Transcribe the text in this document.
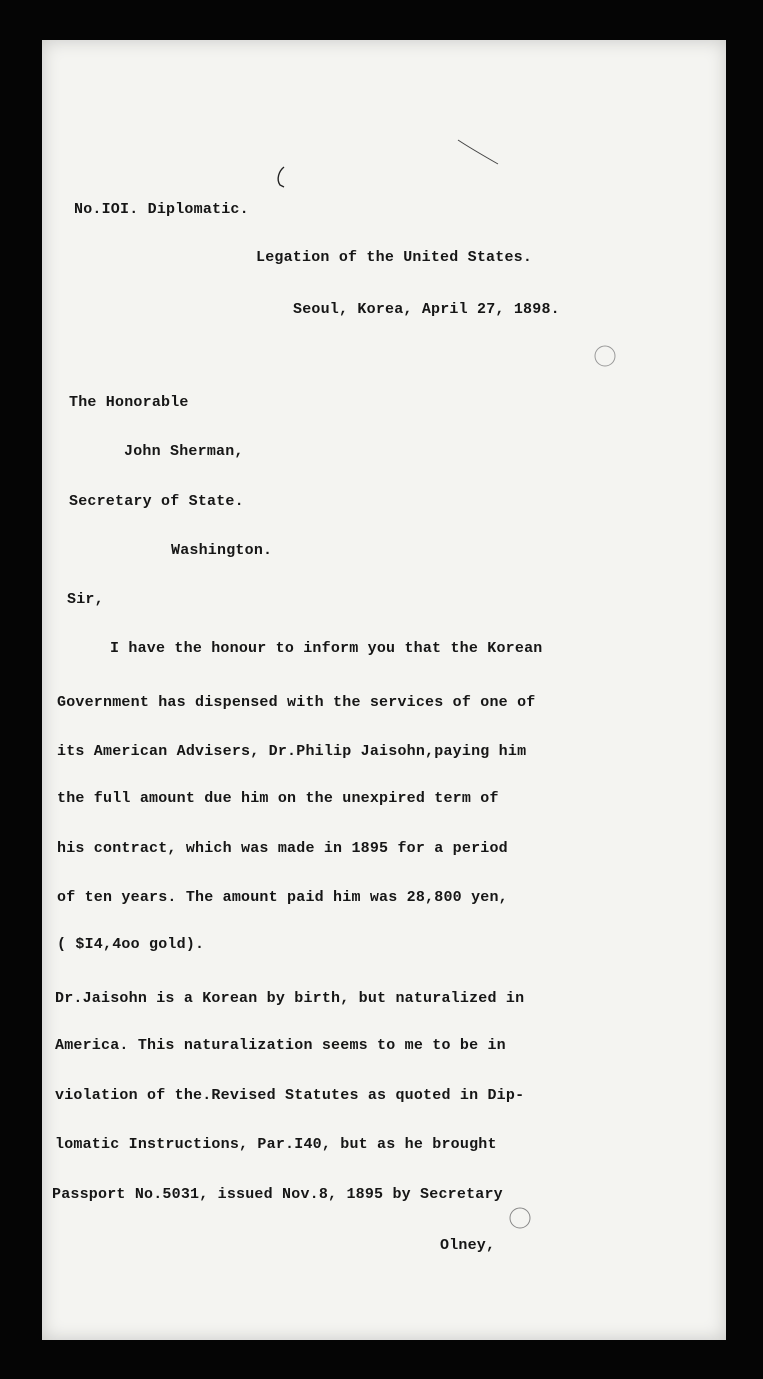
No.IOI. Diplomatic.
Legation of the United States.
Seoul, Korea, April 27, 1898.
The Honorable
John Sherman,
Secretary of State.
Washington.
Sir,
I have the honour to inform you that the Korean
Government has dispensed with the services of one of
its American Advisers, Dr.Philip Jaisohn,paying him
the full amount due him on the unexpired term of
his contract, which was made in 1895 for a period
of ten years. The amount paid him was 28,800 yen,
( $I4,4oo gold).
Dr.Jaisohn is a Korean by birth, but naturalized in
America. This naturalization seems to me to be in
violation of the.Revised Statutes as quoted in Dip-
lomatic Instructions, Par.I40, but as he brought
Passport No.5031, issued Nov.8, 1895 by Secretary
Olney,
